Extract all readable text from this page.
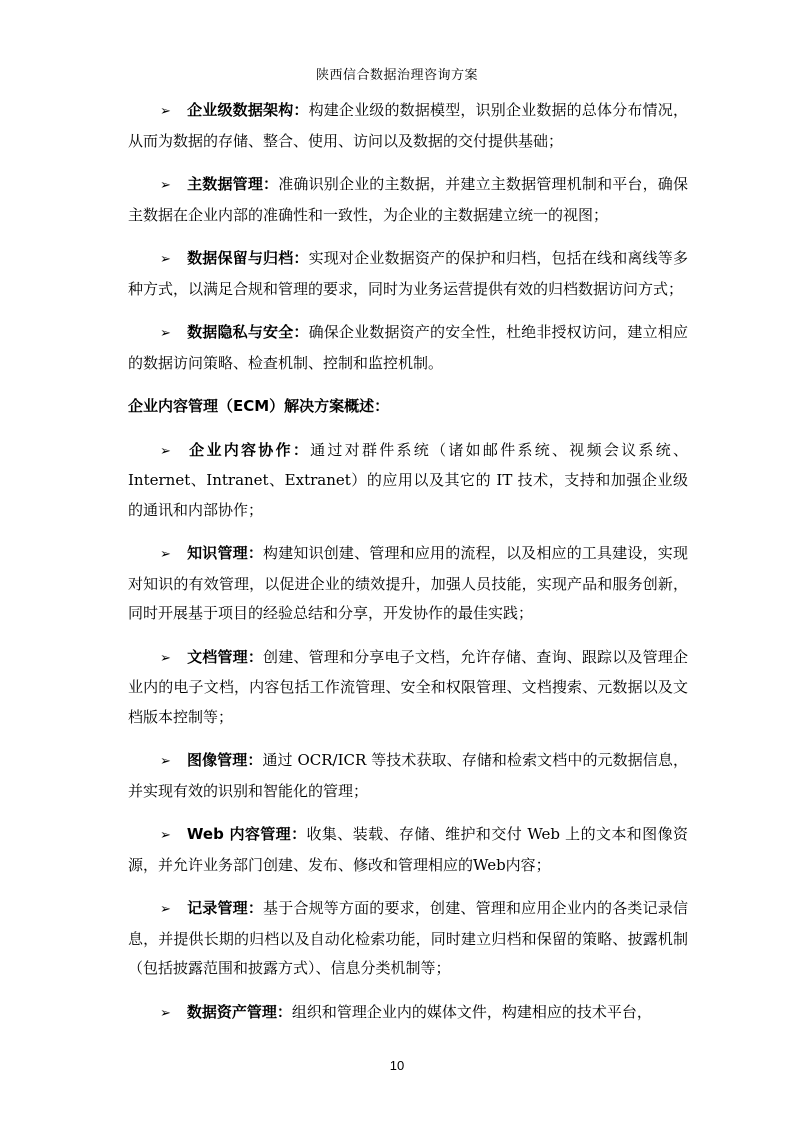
陕西信合数据治理咨询方案

➢ 企业级数据架构：构建企业级的数据模型，识别企业数据的总体分布情况，从而为数据的存储、整合、使用、访问以及数据的交付提供基础；

➢ 主数据管理：准确识别企业的主数据，并建立主数据管理机制和平台，确保主数据在企业内部的准确性和一致性，为企业的主数据建立统一的视图；

➢ 数据保留与归档：实现对企业数据资产的保护和归档，包括在线和离线等多种方式，以满足合规和管理的要求，同时为业务运营提供有效的归档数据访问方式；

➢ 数据隐私与安全：确保企业数据资产的安全性，杜绝非授权访问，建立相应的数据访问策略、检查机制、控制和监控机制。

企业内容管理（ECM）解决方案概述：

➢ 企业内容协作：通过对群件系统（诸如邮件系统、视频会议系统、Internet、Intranet、Extranet）的应用以及其它的 IT 技术，支持和加强企业级的通讯和内部协作；

➢ 知识管理：构建知识创建、管理和应用的流程，以及相应的工具建设，实现对知识的有效管理，以促进企业的绩效提升，加强人员技能，实现产品和服务创新， 同时开展基于项目的经验总结和分享，开发协作的最佳实践；

➢ 文档管理：创建、管理和分享电子文档，允许存储、查询、跟踪以及管理企业内的电子文档，内容包括工作流管理、安全和权限管理、文档搜索、元数据以及文档版本控制等；

➢ 图像管理：通过 OCR/ICR 等技术获取、存储和检索文档中的元数据信息，并实现有效的识别和智能化的管理；

➢ Web 内容管理：收集、装载、存储、维护和交付 Web 上的文本和图像资源，并允许业务部门创建、发布、修改和管理相应的Web内容；

➢ 记录管理：基于合规等方面的要求，创建、管理和应用企业内的各类记录信息，并提供长期的归档以及自动化检索功能，同时建立归档和保留的策略、披露机制（包括披露范围和披露方式）、信息分类机制等；

➢ 数据资产管理：组织和管理企业内的媒体文件，构建相应的技术平台，

10
